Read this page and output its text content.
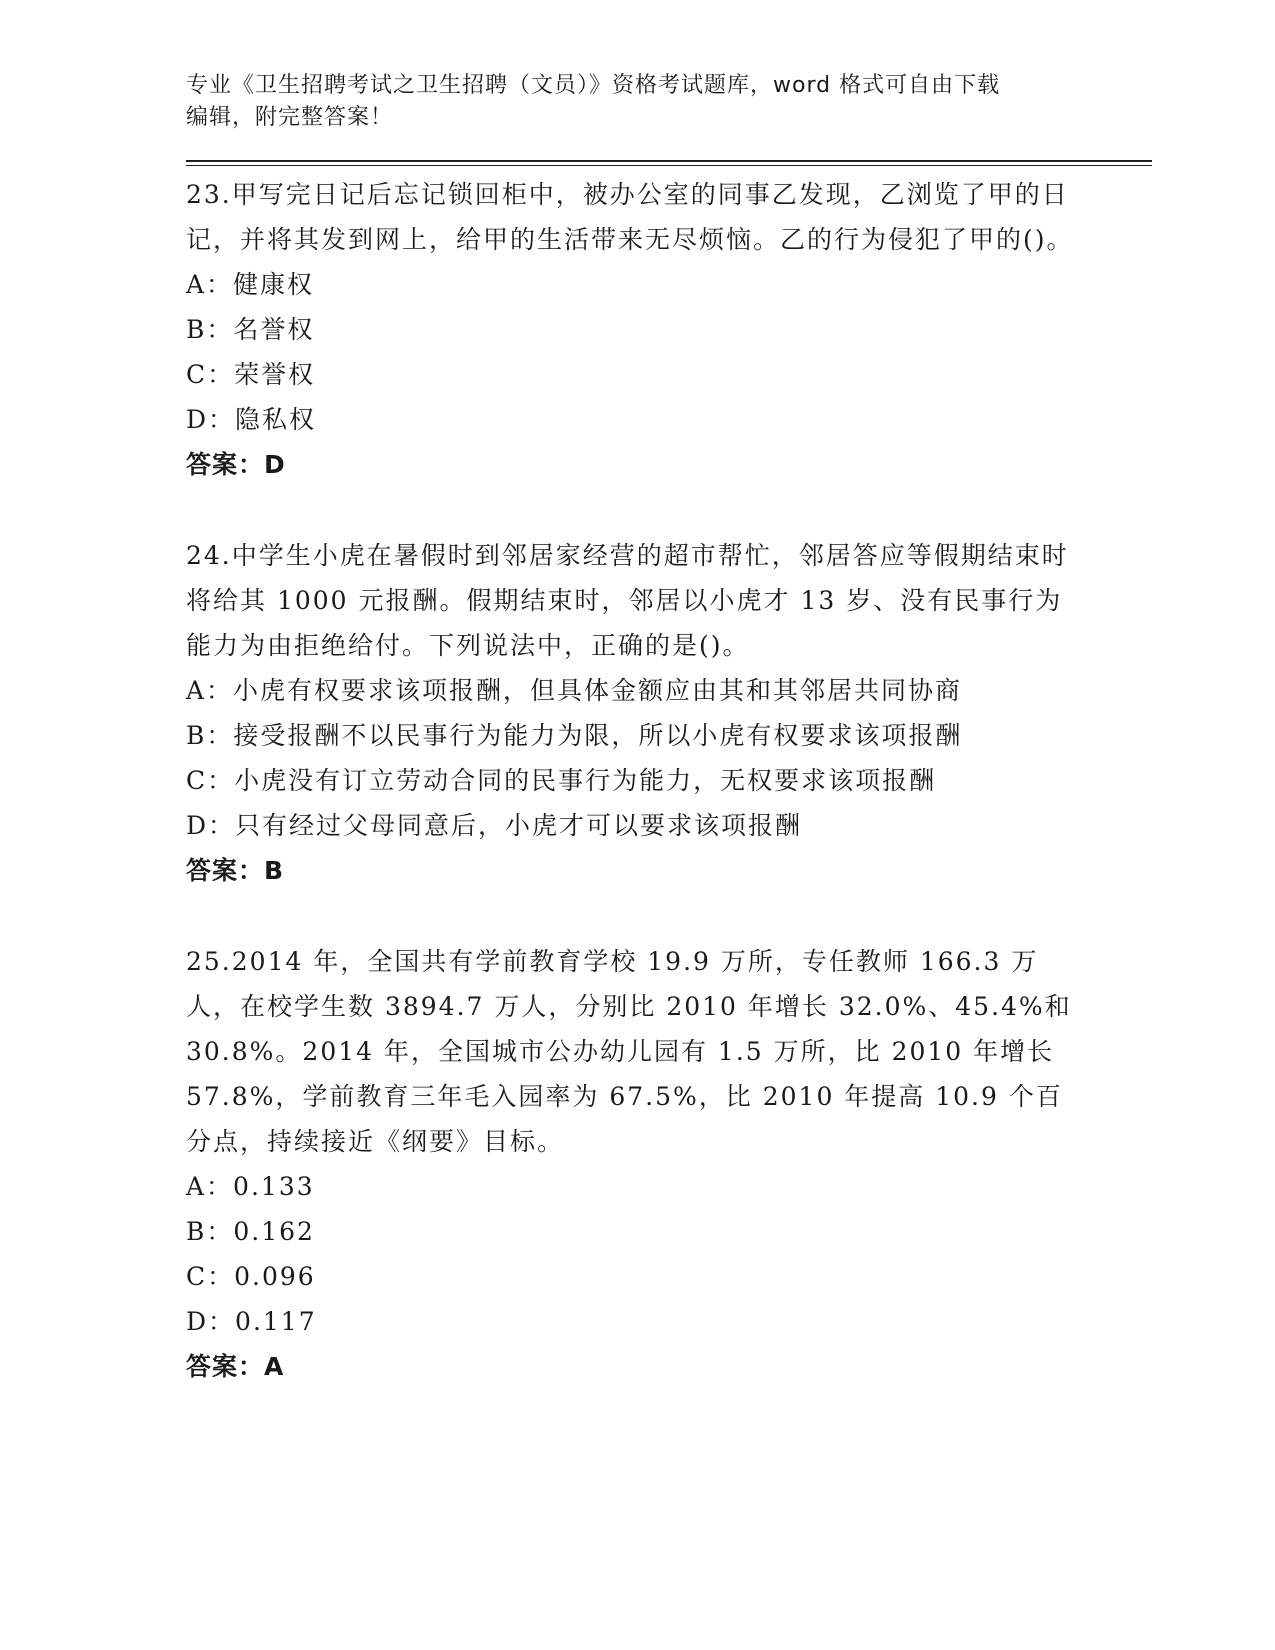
专业《卫生招聘考试之卫生招聘（文员）》资格考试题库，word 格式可自由下载

编辑，附完整答案！

23.甲写完日记后忘记锁回柜中，被办公室的同事乙发现，乙浏览了甲的日记，并将其发到网上，给甲的生活带来无尽烦恼。乙的行为侵犯了甲的()。

A：健康权

B：名誉权

C：荣誉权

D：隐私权

答案：D

24.中学生小虎在暑假时到邻居家经营的超市帮忙，邻居答应等假期结束时将给其 1000 元报酬。假期结束时，邻居以小虎才 13 岁、没有民事行为能力为由拒绝给付。下列说法中，正确的是()。

A：小虎有权要求该项报酬，但具体金额应由其和其邻居共同协商

B：接受报酬不以民事行为能力为限，所以小虎有权要求该项报酬

C：小虎没有订立劳动合同的民事行为能力，无权要求该项报酬

D：只有经过父母同意后，小虎才可以要求该项报酬

答案：B

25.2014 年，全国共有学前教育学校 19.9 万所，专任教师 166.3 万人，在校学生数 3894.7 万人，分别比 2010 年增长 32.0%、45.4%和 30.8%。2014 年，全国城市公办幼儿园有 1.5 万所，比 2010 年增长 57.8%，学前教育三年毛入园率为 67.5%，比 2010 年提高 10.9 个百分点，持续接近《纲要》目标。

A：0.133

B：0.162

C：0.096

D：0.117

答案：A
